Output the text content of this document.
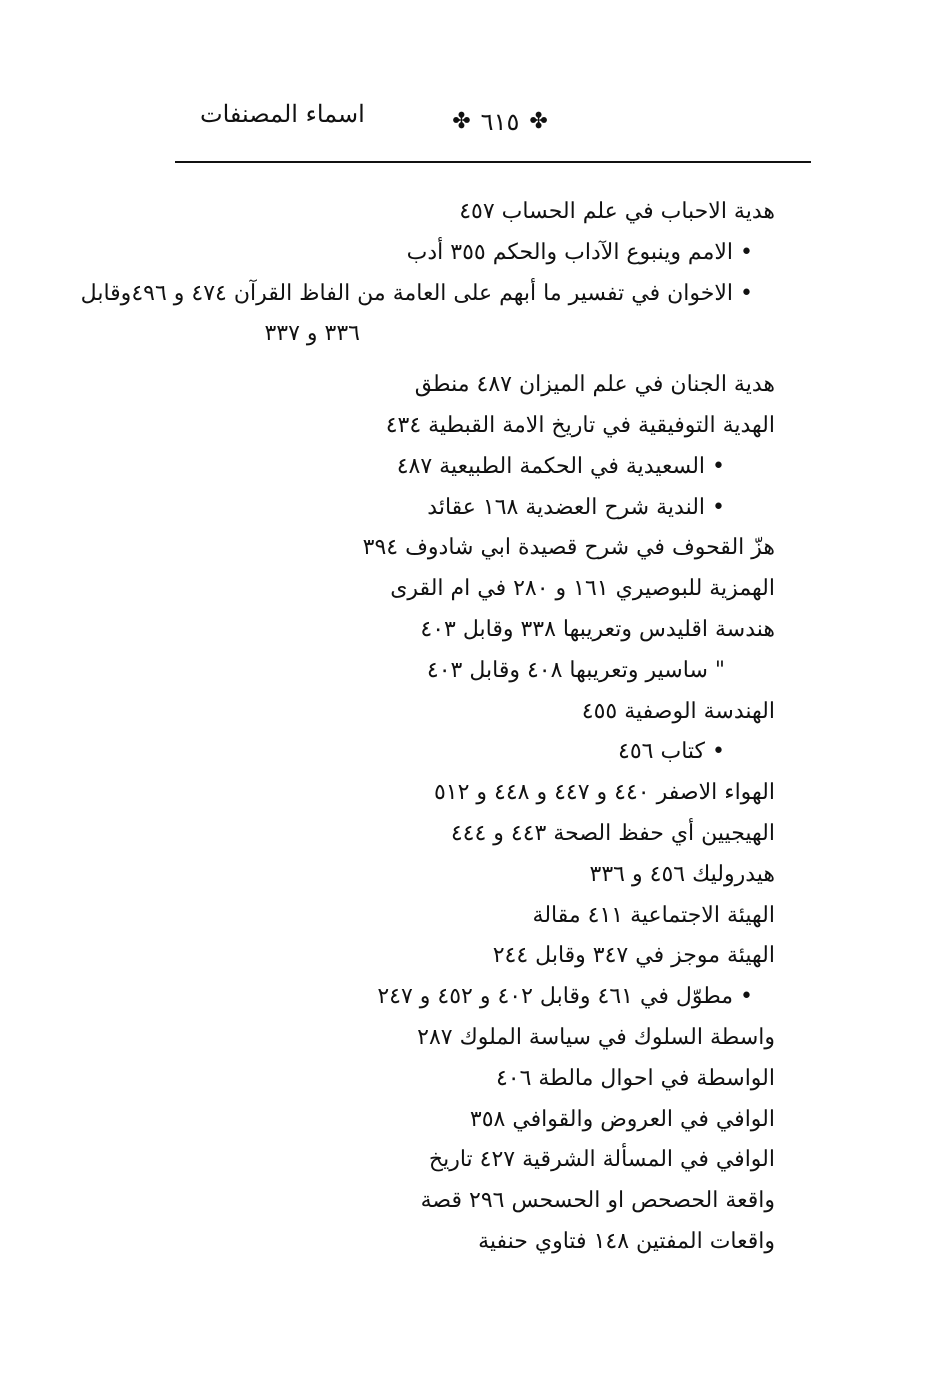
اسماء المصنفات	✤
٦١٥
✤
هدية الاحباب في علم الحساب ٤٥٧
• الامم وينبوع الآداب والحكم ٣٥٥ أدب
• الاخوان في تفسير ما أبهم على العامة من الفاظ القرآن ٤٧٤ و ٤٩٦وقابل
٣٣٦ و ٣٣٧
هدية الجنان في علم الميزان ٤٨٧ منطق
الهدية التوفيقية في تاريخ الامة القبطية ٤٣٤
• السعيدية في الحكمة الطبيعية ٤٨٧
• الندية شرح العضدية ١٦٨ عقائد
هزّ القحوف في شرح قصيدة ابي شادوف ٣٩٤
الهمزية للبوصيري ١٦١ و ٢٨٠ في ام القرى
هندسة اقليدس وتعريبها ٣٣٨ وقابل ٤٠٣
" ساسير وتعريبها ٤٠٨ وقابل ٤٠٣
الهندسة الوصفية ٤٥٥
• كتاب ٤٥٦
الهواء الاصفر ٤٤٠ و ٤٤٧ و ٤٤٨ و ٥١٢
الهيجيين أي حفظ الصحة ٤٤٣ و ٤٤٤
هيدروليك ٤٥٦ و ٣٣٦
الهيئة الاجتماعية ٤١١ مقالة
الهيئة موجز في ٣٤٧ وقابل ٢٤٤
• مطوّل في ٤٦١ وقابل ٤٠٢ و ٤٥٢ و ٢٤٧
واسطة السلوك في سياسة الملوك ٢٨٧
الواسطة في احوال مالطة ٤٠٦
الوافي في العروض والقوافي ٣٥٨
الوافي في المسألة الشرقية ٤٢٧ تاريخ
واقعة الحصحص او الحسحس ٢٩٦ قصة
واقعات المفتين ١٤٨ فتاوي حنفية
